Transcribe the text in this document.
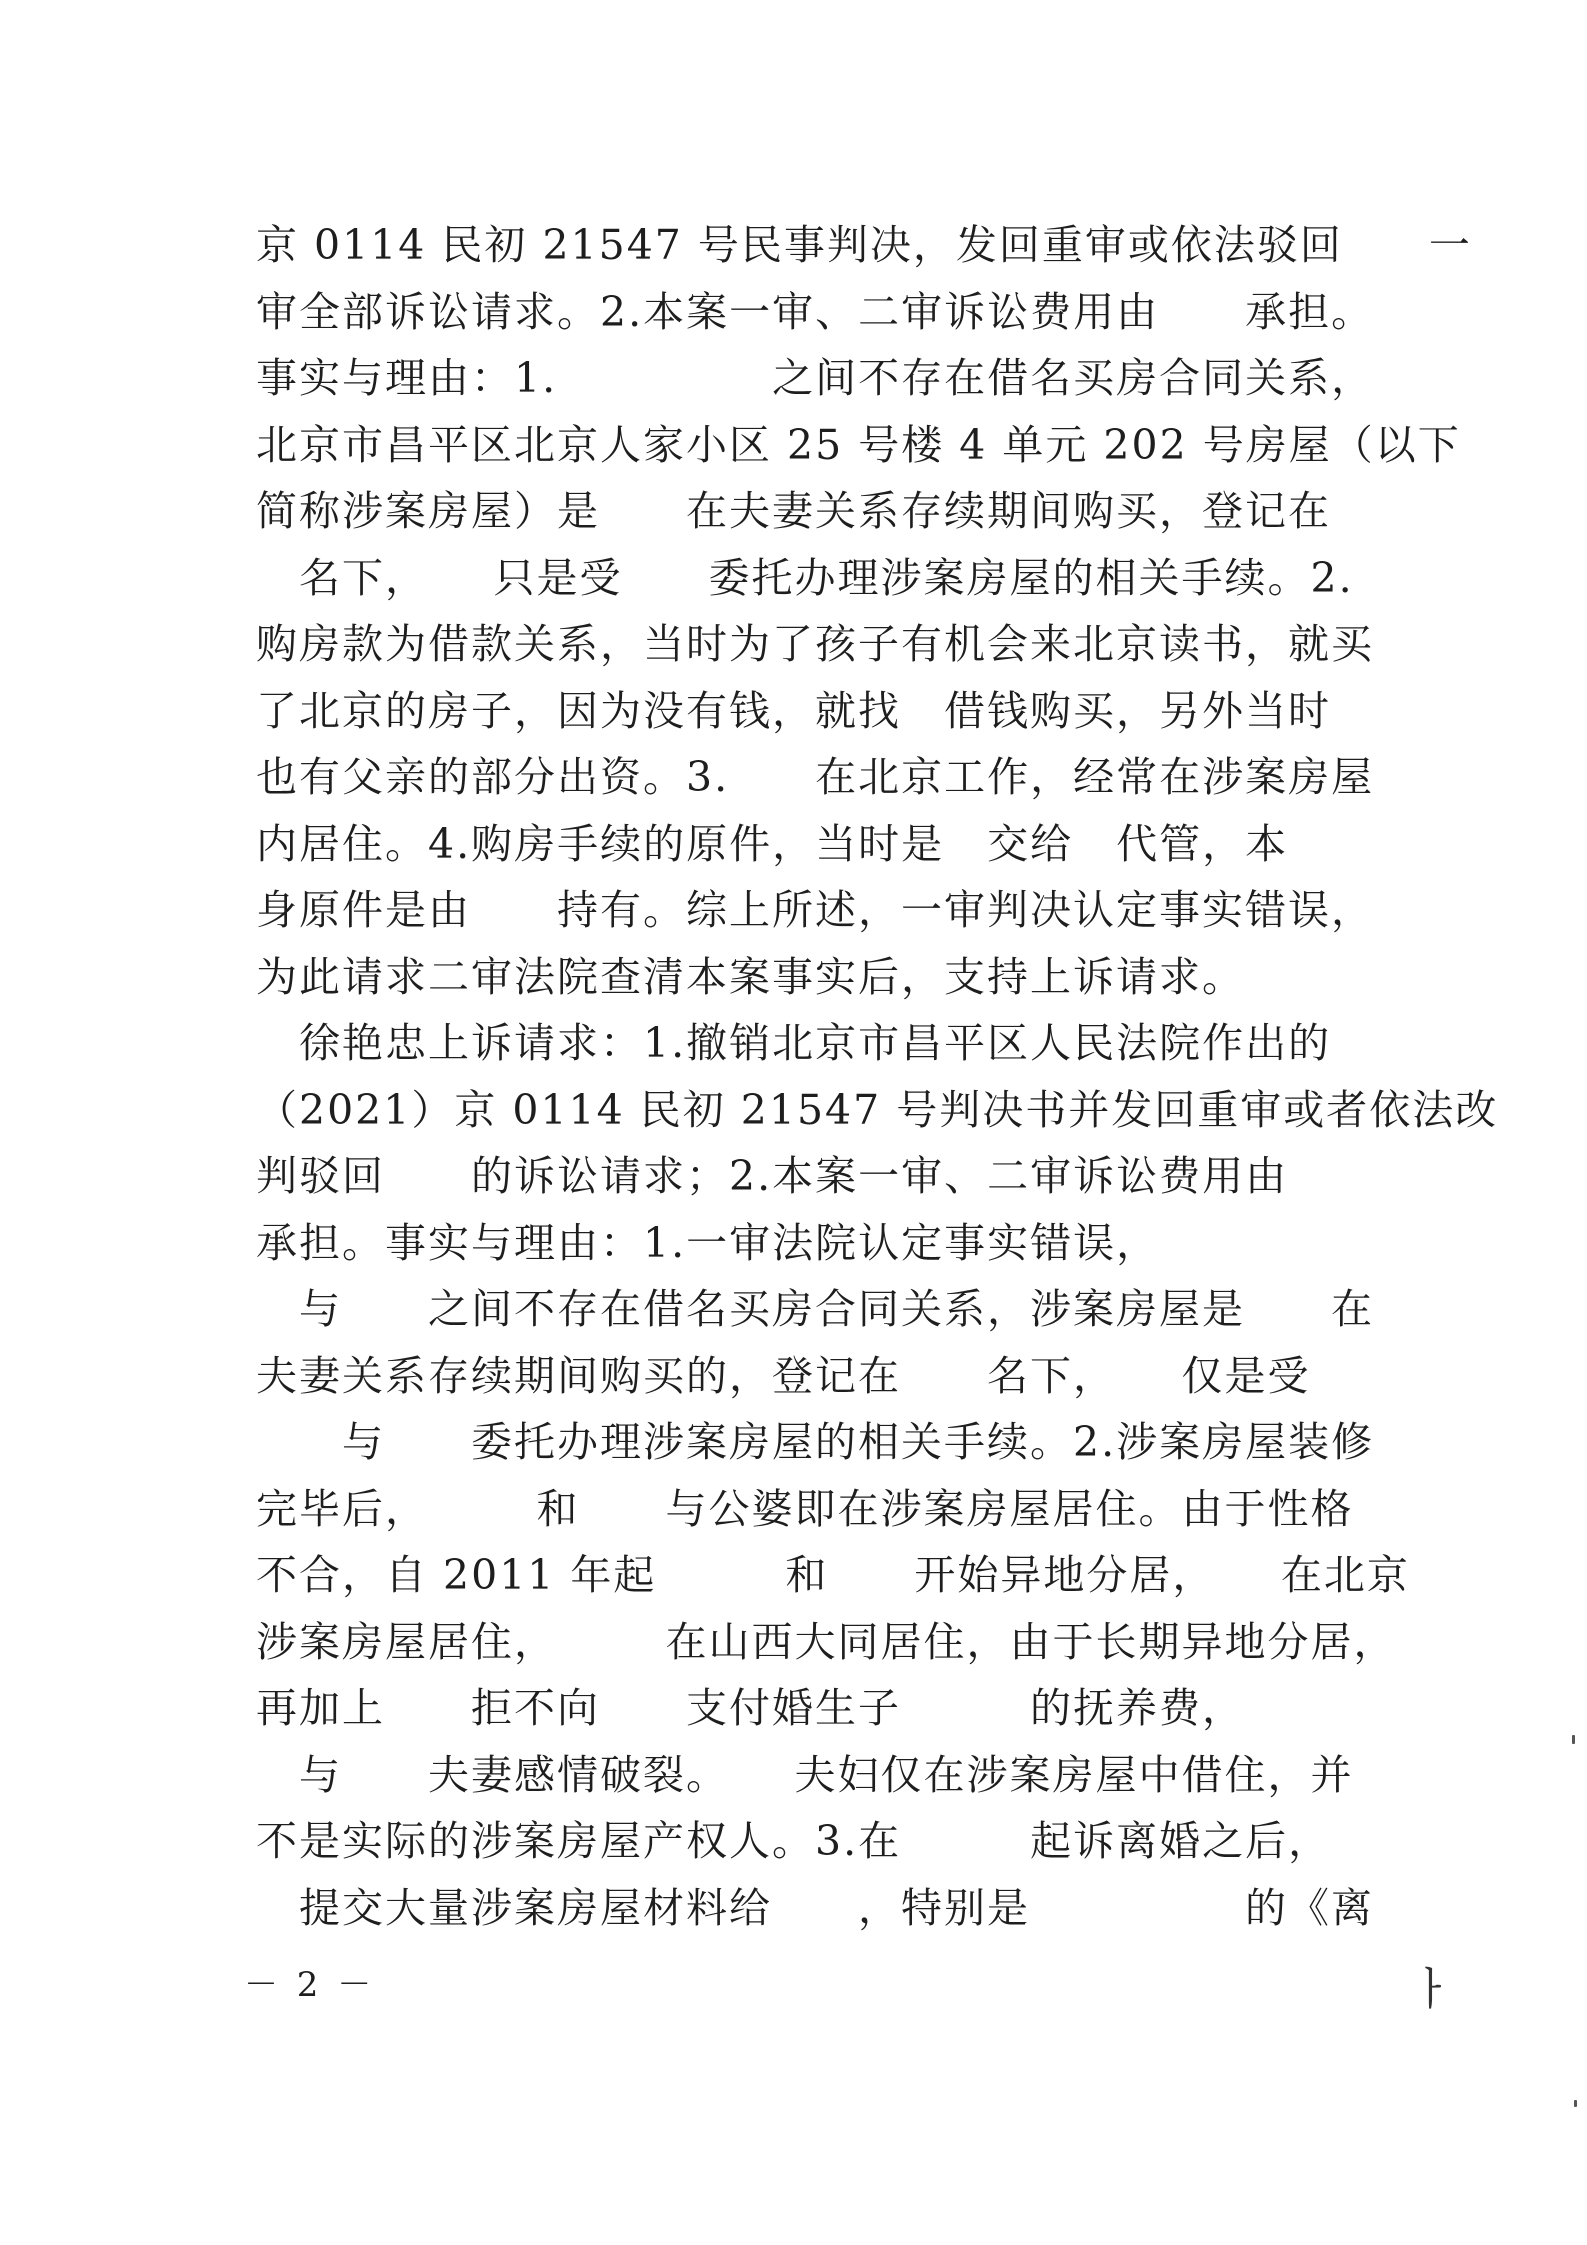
京 0114 民初 21547 号民事判决，发回重审或依法驳回　　一
审全部诉讼请求。2.本案一审、二审诉讼费用由　　承担。
事实与理由：1.　　　　　之间不存在借名买房合同关系，
北京市昌平区北京人家小区 25 号楼 4 单元 202 号房屋（以下
简称涉案房屋）是　　在夫妻关系存续期间购买，登记在
　名下，　　只是受　　委托办理涉案房屋的相关手续。2.
购房款为借款关系，当时为了孩子有机会来北京读书，就买
了北京的房子，因为没有钱，就找　借钱购买，另外当时
也有父亲的部分出资。3.　　在北京工作，经常在涉案房屋
内居住。4.购房手续的原件，当时是　交给　代管，本
身原件是由　　持有。综上所述，一审判决认定事实错误，
为此请求二审法院查清本案事实后，支持上诉请求。
　徐艳忠上诉请求：1.撤销北京市昌平区人民法院作出的
（2021）京 0114 民初 21547 号判决书并发回重审或者依法改
判驳回　　的诉讼请求；2.本案一审、二审诉讼费用由
承担。事实与理由：1.一审法院认定事实错误，
　与　　之间不存在借名买房合同关系，涉案房屋是　　在
夫妻关系存续期间购买的，登记在　　名下，　　仅是受
　　与　　委托办理涉案房屋的相关手续。2.涉案房屋装修
完毕后，　　　和　　与公婆即在涉案房屋居住。由于性格
不合，自 2011 年起　　　和　　开始异地分居，　　在北京
涉案房屋居住，　　　在山西大同居住，由于长期异地分居，
再加上　　拒不向　　支付婚生子　　　的抚养费，
　与　　夫妻感情破裂。　　夫妇仅在涉案房屋中借住，并
不是实际的涉案房屋产权人。3.在　　　起诉离婚之后，
　提交大量涉案房屋材料给　　，特别是　　　　　的《离
－ 2 －	ㅏ
